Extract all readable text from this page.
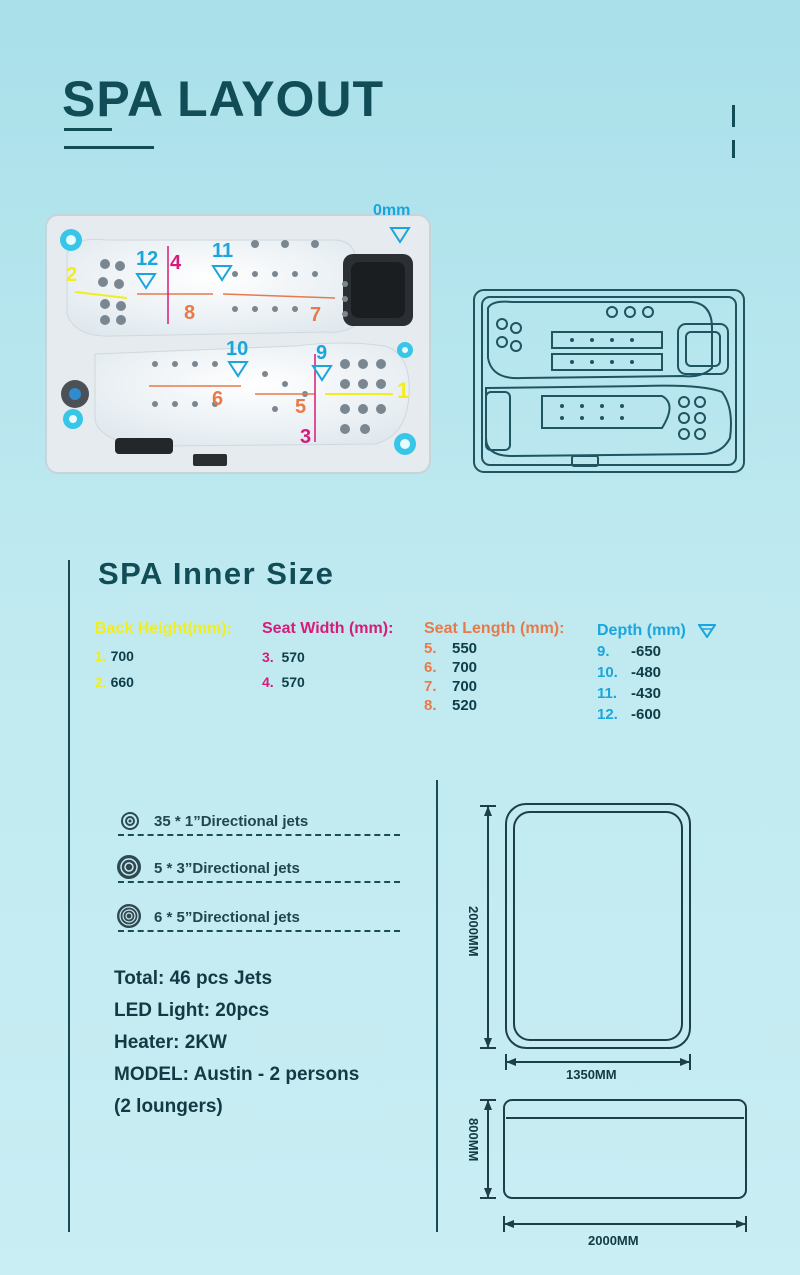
SPA LAYOUT
0mm
1
2
3
4
5
6
7
8
9
10
11
12
SPA Inner Size
Back Height(mm):
1. 700
2. 660
Seat Width (mm):
3. 570
4. 570
Seat Length (mm):
5. 550
6. 700
7. 700
8. 520
Depth (mm)
9. -650
10. -480
11. -430
12. -600
35 * 1”Directional jets
5 * 3”Directional jets
6 * 5”Directional jets
Total: 46 pcs Jets
LED Light: 20pcs
Heater: 2KW
MODEL: Austin - 2 persons
(2 loungers)
2000MM
1350MM
800MM
2000MM
